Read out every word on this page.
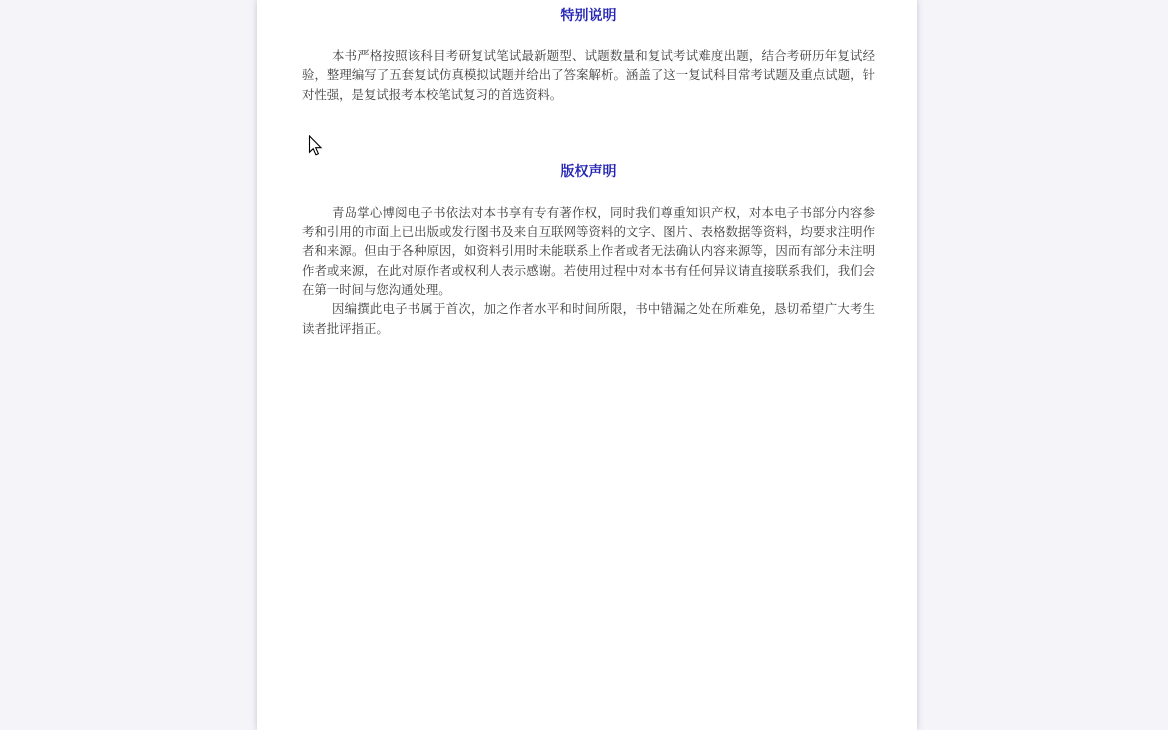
特别说明

本书严格按照该科目考研复试笔试最新题型、试题数量和复试考试难度出题，结合考研历年复试经验，整理编写了五套复试仿真模拟试题并给出了答案解析。涵盖了这一复试科目常考试题及重点试题，针对性强，是复试报考本校笔试复习的首选资料。

版权声明

青岛掌心博阅电子书依法对本书享有专有著作权，同时我们尊重知识产权，对本电子书部分内容参考和引用的市面上已出版或发行图书及来自互联网等资料的文字、图片、表格数据等资料，均要求注明作者和来源。但由于各种原因，如资料引用时未能联系上作者或者无法确认内容来源等，因而有部分未注明作者或来源，在此对原作者或权利人表示感谢。若使用过程中对本书有任何异议请直接联系我们，我们会在第一时间与您沟通处理。

因编撰此电子书属于首次，加之作者水平和时间所限，书中错漏之处在所难免，恳切希望广大考生读者批评指正。
